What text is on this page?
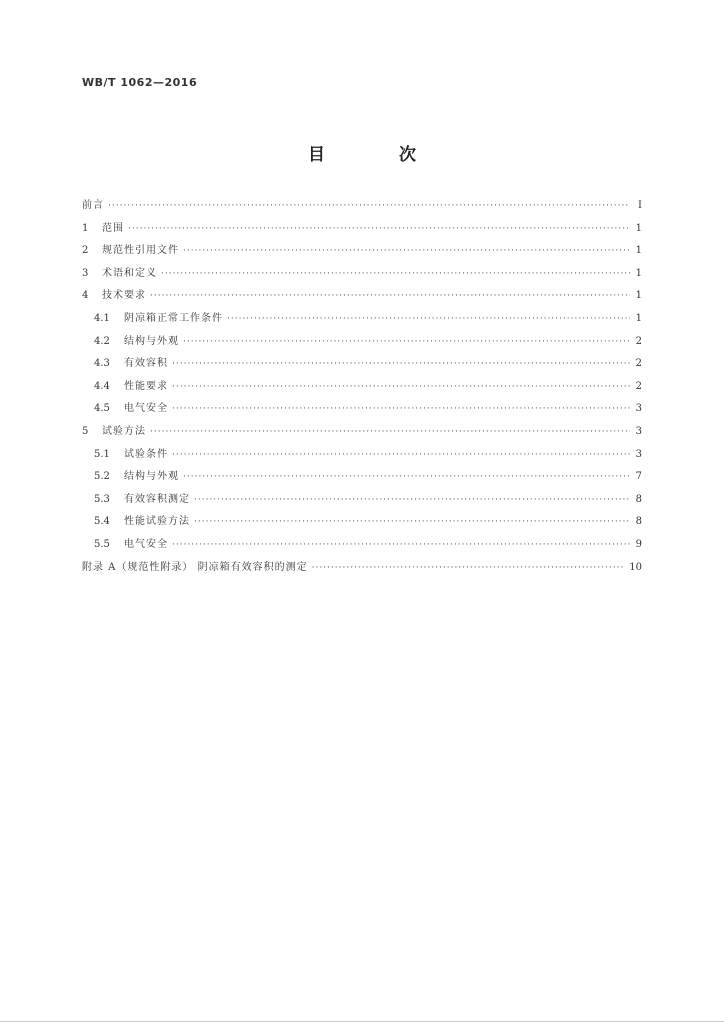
WB/T 1062—2016
目 次
前言 ·····	Ⅰ
1	范围 ·····	1
2	规范性引用文件 ·····	1
3	术语和定义 ·····	1
4	技术要求 ·····	1
4.1	阴凉箱正常工作条件 ·····	1
4.2	结构与外观 ·····	2
4.3	有效容积 ·····	2
4.4	性能要求 ·····	2
4.5	电气安全 ·····	3
5	试验方法 ·····	3
5.1	试验条件 ·····	3
5.2	结构与外观 ·····	7
5.3	有效容积测定 ·····	8
5.4	性能试验方法 ·····	8
5.5	电气安全 ·····	9
附录 A（规范性附录） 阴凉箱有效容积的测定 ·····	10
